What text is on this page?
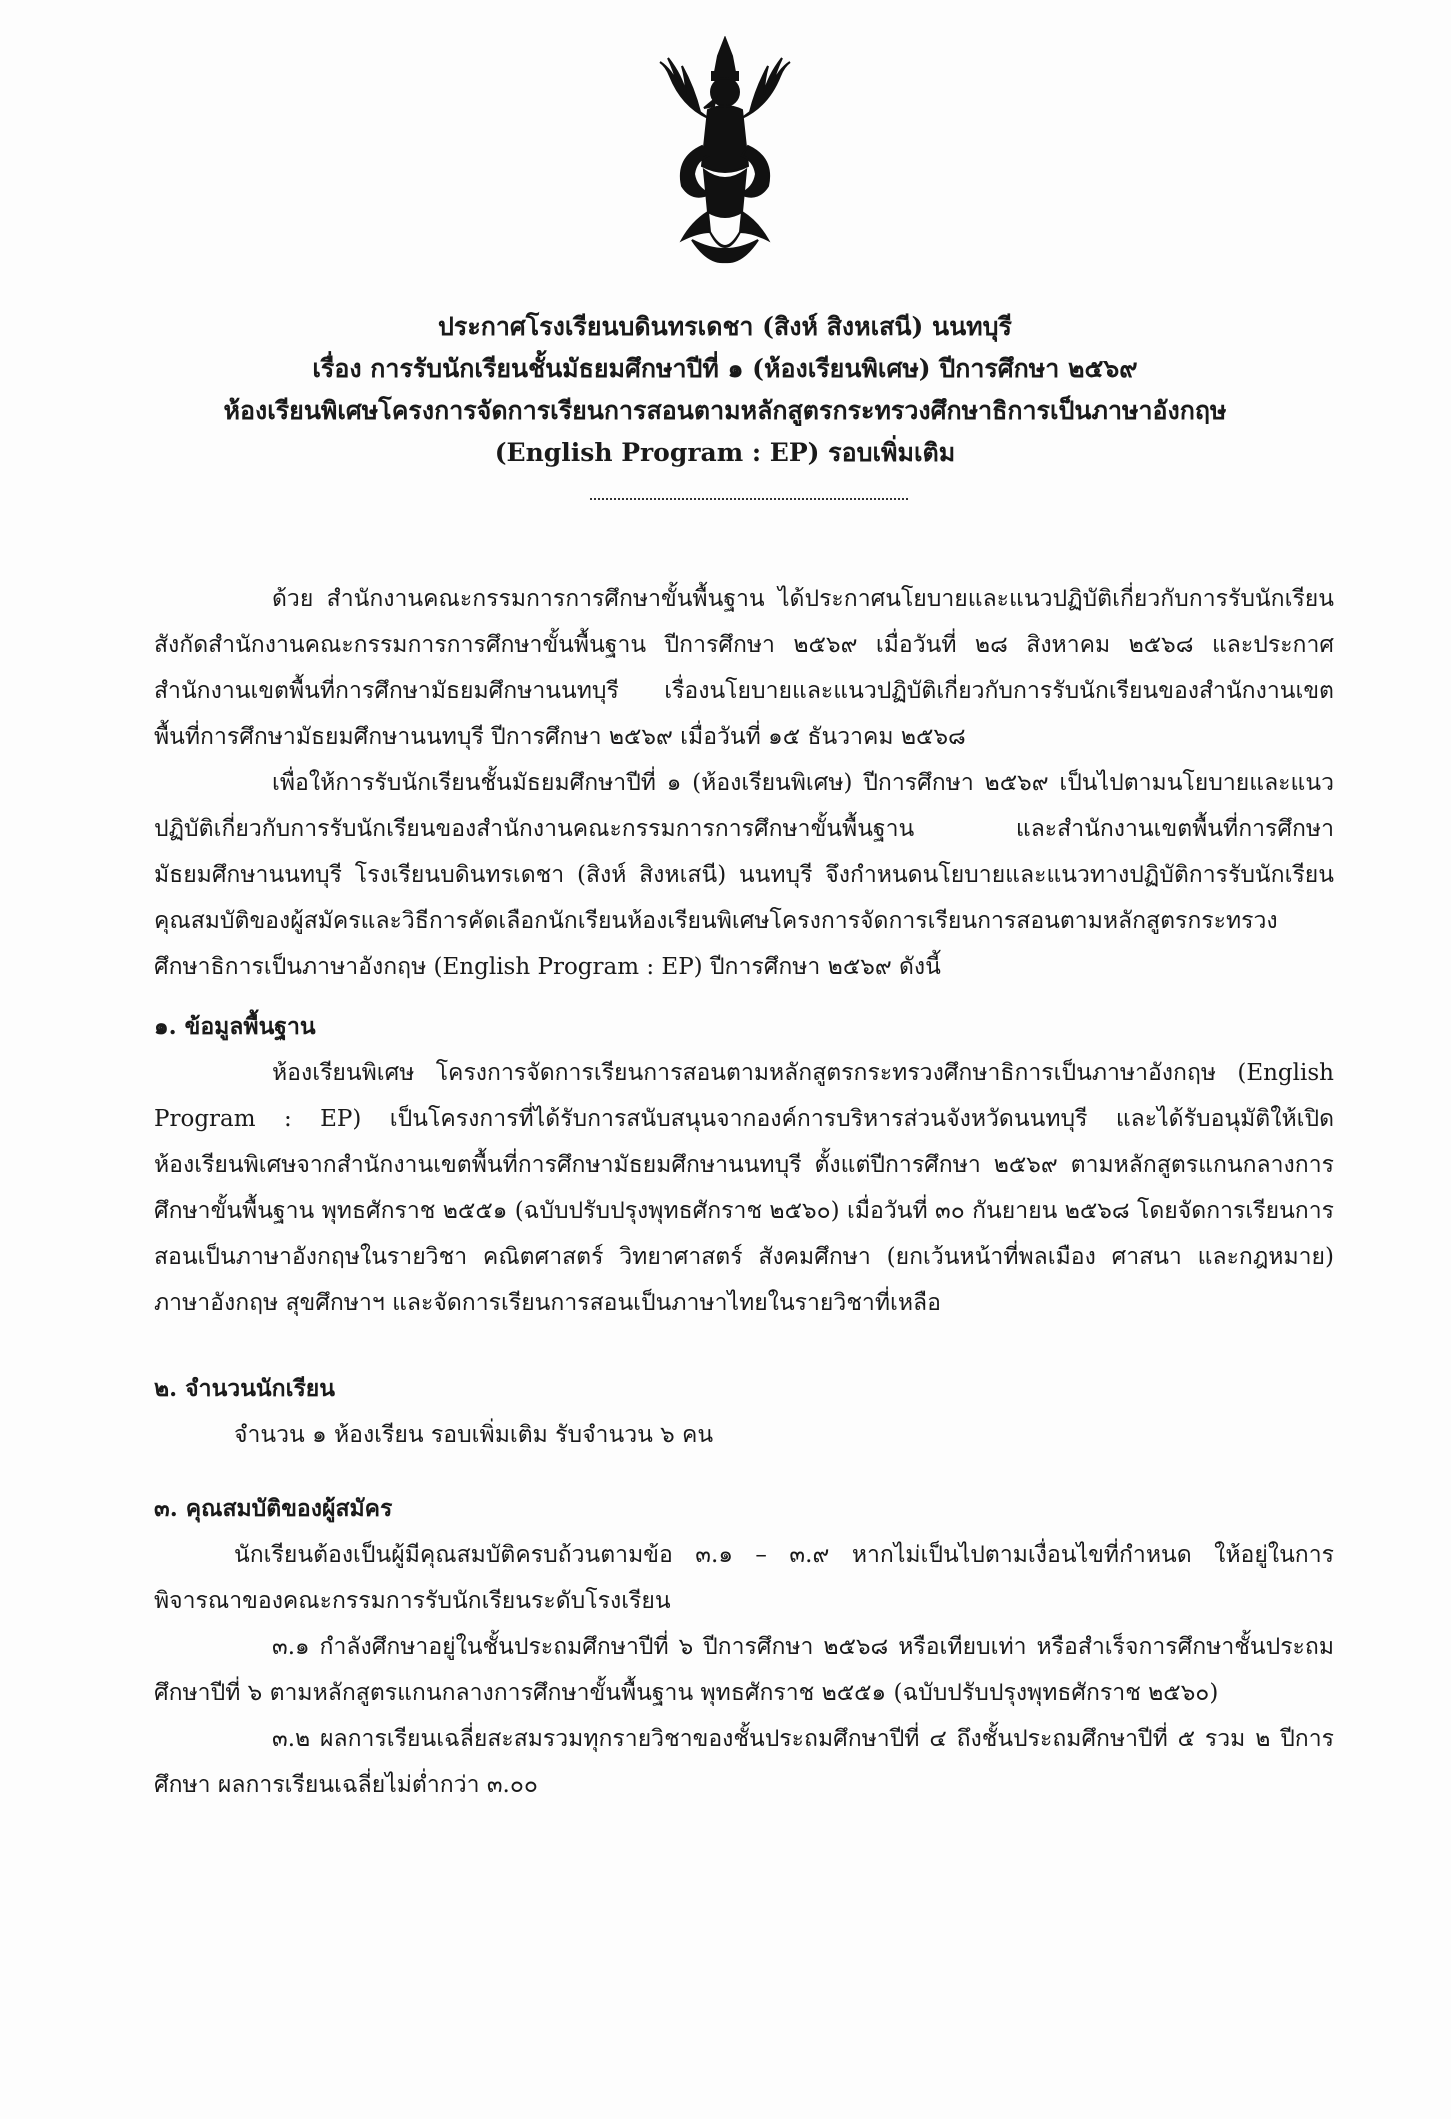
ประกาศโรงเรียนบดินทรเดชา (สิงห์ สิงหเสนี) นนทบุรี
เรื่อง การรับนักเรียนชั้นมัธยมศึกษาปีที่ ๑ (ห้องเรียนพิเศษ) ปีการศึกษา ๒๕๖๙
ห้องเรียนพิเศษโครงการจัดการเรียนการสอนตามหลักสูตรกระทรวงศึกษาธิการเป็นภาษาอังกฤษ
(English Program : EP) รอบเพิ่มเติม

ด้วย สำนักงานคณะกรรมการการศึกษาขั้นพื้นฐาน ได้ประกาศนโยบายและแนวปฏิบัติเกี่ยวกับการรับนักเรียน สังกัดสำนักงานคณะกรรมการการศึกษาขั้นพื้นฐาน ปีการศึกษา ๒๕๖๙ เมื่อวันที่ ๒๘ สิงหาคม ๒๕๖๘ และประกาศสำนักงานเขตพื้นที่การศึกษามัธยมศึกษานนทบุรี เรื่องนโยบายและแนวปฏิบัติเกี่ยวกับการรับนักเรียนของสำนักงานเขตพื้นที่การศึกษามัธยมศึกษานนทบุรี ปีการศึกษา ๒๕๖๙ เมื่อวันที่ ๑๕ ธันวาคม ๒๕๖๘

เพื่อให้การรับนักเรียนชั้นมัธยมศึกษาปีที่ ๑ (ห้องเรียนพิเศษ) ปีการศึกษา ๒๕๖๙ เป็นไปตามนโยบายและแนวปฏิบัติเกี่ยวกับการรับนักเรียนของสำนักงานคณะกรรมการการศึกษาขั้นพื้นฐาน และสำนักงานเขตพื้นที่การศึกษามัธยมศึกษานนทบุรี โรงเรียนบดินทรเดชา (สิงห์ สิงหเสนี) นนทบุรี จึงกำหนดนโยบายและแนวทางปฏิบัติการรับนักเรียนคุณสมบัติของผู้สมัครและวิธีการคัดเลือกนักเรียนห้องเรียนพิเศษโครงการจัดการเรียนการสอนตามหลักสูตรกระทรวงศึกษาธิการเป็นภาษาอังกฤษ (English Program : EP) ปีการศึกษา ๒๕๖๙ ดังนี้

๑. ข้อมูลพื้นฐาน

ห้องเรียนพิเศษ โครงการจัดการเรียนการสอนตามหลักสูตรกระทรวงศึกษาธิการเป็นภาษาอังกฤษ (English Program : EP) เป็นโครงการที่ได้รับการสนับสนุนจากองค์การบริหารส่วนจังหวัดนนทบุรี และได้รับอนุมัติให้เปิดห้องเรียนพิเศษจากสำนักงานเขตพื้นที่การศึกษามัธยมศึกษานนทบุรี ตั้งแต่ปีการศึกษา ๒๕๖๙ ตามหลักสูตรแกนกลางการศึกษาขั้นพื้นฐาน พุทธศักราช ๒๕๕๑ (ฉบับปรับปรุงพุทธศักราช ๒๕๖๐) เมื่อวันที่ ๓๐ กันยายน ๒๕๖๘ โดยจัดการเรียนการสอนเป็นภาษาอังกฤษในรายวิชา คณิตศาสตร์ วิทยาศาสตร์ สังคมศึกษา (ยกเว้นหน้าที่พลเมือง ศาสนา และกฎหมาย) ภาษาอังกฤษ สุขศึกษาฯ และจัดการเรียนการสอนเป็นภาษาไทยในรายวิชาที่เหลือ

๒. จำนวนนักเรียน

จำนวน ๑ ห้องเรียน รอบเพิ่มเติม รับจำนวน ๖ คน

๓. คุณสมบัติของผู้สมัคร

นักเรียนต้องเป็นผู้มีคุณสมบัติครบถ้วนตามข้อ ๓.๑ – ๓.๙ หากไม่เป็นไปตามเงื่อนไขที่กำหนด ให้อยู่ในการพิจารณาของคณะกรรมการรับนักเรียนระดับโรงเรียน

๓.๑ กำลังศึกษาอยู่ในชั้นประถมศึกษาปีที่ ๖ ปีการศึกษา ๒๕๖๘ หรือเทียบเท่า หรือสำเร็จการศึกษาชั้นประถมศึกษาปีที่ ๖ ตามหลักสูตรแกนกลางการศึกษาขั้นพื้นฐาน พุทธศักราช ๒๕๕๑ (ฉบับปรับปรุงพุทธศักราช ๒๕๖๐)

๓.๒ ผลการเรียนเฉลี่ยสะสมรวมทุกรายวิชาของชั้นประถมศึกษาปีที่ ๔ ถึงชั้นประถมศึกษาปีที่ ๕ รวม ๒ ปีการศึกษา ผลการเรียนเฉลี่ยไม่ต่ำกว่า ๓.๐๐
